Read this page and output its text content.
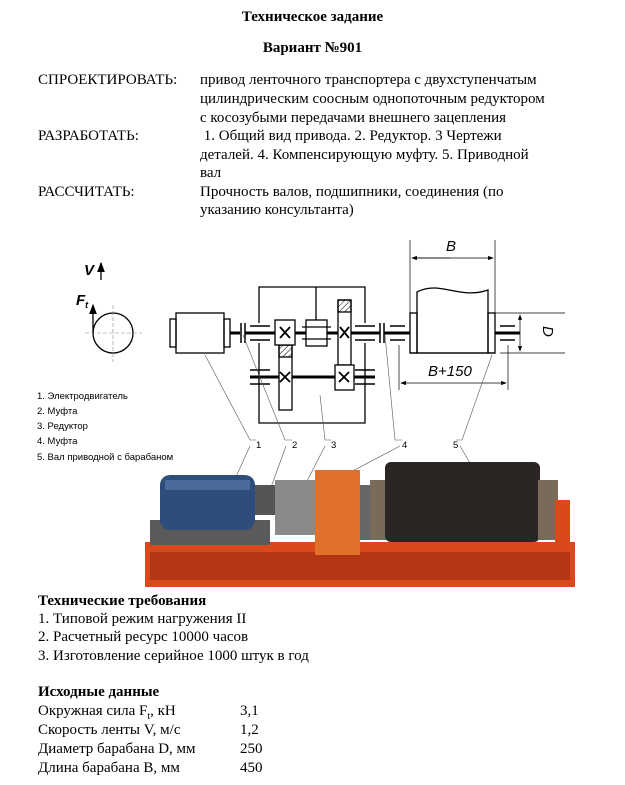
Техническое задание
Вариант №901
СПРОЕКТИРОВАТЬ: привод ленточного транспортера с двухступенчатым
цилиндрическим соосным однопоточным редуктором
с косозубыми передачами внешнего зацепления
РАЗРАБОТАТЬ:	1. Общий вид привода. 2. Редуктор. 3 Чертежи
деталей. 4. Компенсирующую муфту. 5. Приводной
вал
РАССЧИТАТЬ:	Прочность валов, подшипники, соединения (по
указанию консультанта)
V
$F_t$
B
D
B+150
1	2	3	4	5
1. Электродвигатель
2. Муфта
3. Редуктор
4. Муфта
5. Вал приводной с барабаном
Технические требования
1. Типовой режим нагружения II
2. Расчетный ресурс 10000 часов
3. Изготовление серийное 1000 штук в год
Исходные данные
Окружная сила $F_t$, кН	3,1
Скорость ленты V, м/с	1,2
Диаметр барабана D, мм	250
Длина барабана B, мм	450
